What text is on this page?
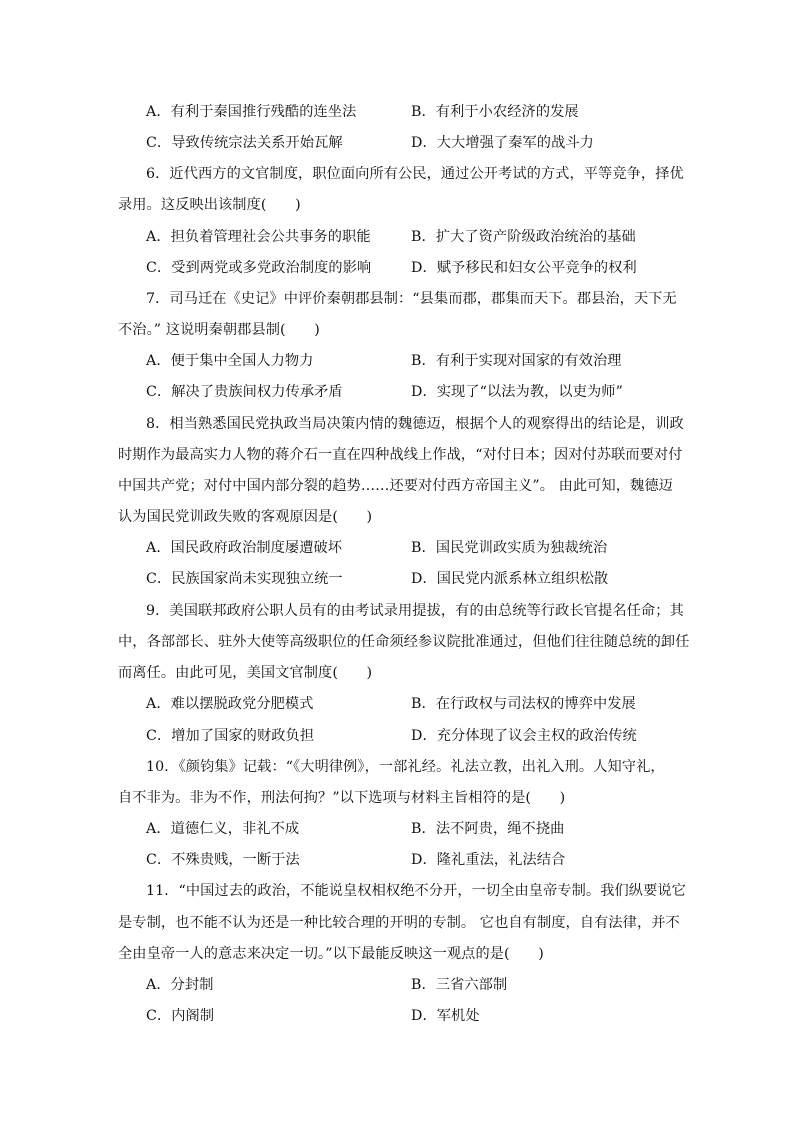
A．有利于秦国推行残酷的连坐法	B．有利于小农经济的发展
C．导致传统宗法关系开始瓦解	D．大大增强了秦军的战斗力
6．近代西方的文官制度，职位面向所有公民，通过公开考试的方式，平等竞争，择优
录用。这反映出该制度(　　)
A．担负着管理社会公共事务的职能	B．扩大了资产阶级政治统治的基础
C．受到两党或多党政治制度的影响	D．赋予移民和妇女公平竞争的权利
7．司马迁在《史记》中评价秦朝郡县制：“县集而郡，郡集而天下。郡县治，天下无
不治。” 这说明秦朝郡县制(　　)
A．便于集中全国人力物力	B．有利于实现对国家的有效治理
C．解决了贵族间权力传承矛盾	D．实现了“以法为教，以吏为师”
8．相当熟悉国民党执政当局决策内情的魏德迈，根据个人的观察得出的结论是，训政
时期作为最高实力人物的蒋介石一直在四种战线上作战，“对付日本；因对付苏联而要对付
中国共产党；对付中国内部分裂的趋势……还要对付西方帝国主义”。 由此可知，魏德迈
认为国民党训政失败的客观原因是(　　)
A．国民政府政治制度屡遭破坏	B．国民党训政实质为独裁统治
C．民族国家尚未实现独立统一	D．国民党内派系林立组织松散
9．美国联邦政府公职人员有的由考试录用提拔，有的由总统等行政长官提名任命；其
中，各部部长、驻外大使等高级职位的任命须经参议院批准通过，但他们往往随总统的卸任
而离任。由此可见，美国文官制度(　　)
A．难以摆脱政党分肥模式	B．在行政权与司法权的博弈中发展
C．增加了国家的财政负担	D．充分体现了议会主权的政治传统
10．《颜钧集》记载：“《大明律例》，一部礼经。礼法立教，出礼入刑。人知守礼，
自不非为。非为不作，刑法何拘？”以下选项与材料主旨相符的是(　　)
A．道德仁义，非礼不成	B．法不阿贵，绳不挠曲
C．不殊贵贱，一断于法	D．隆礼重法，礼法结合
11．“中国过去的政治，不能说皇权相权绝不分开，一切全由皇帝专制。我们纵要说它
是专制，也不能不认为还是一种比较合理的开明的专制。 它也自有制度，自有法律，并不
全由皇帝一人的意志来决定一切。”以下最能反映这一观点的是(　　)
A．分封制	B．三省六部制
C．内阁制	D．军机处
